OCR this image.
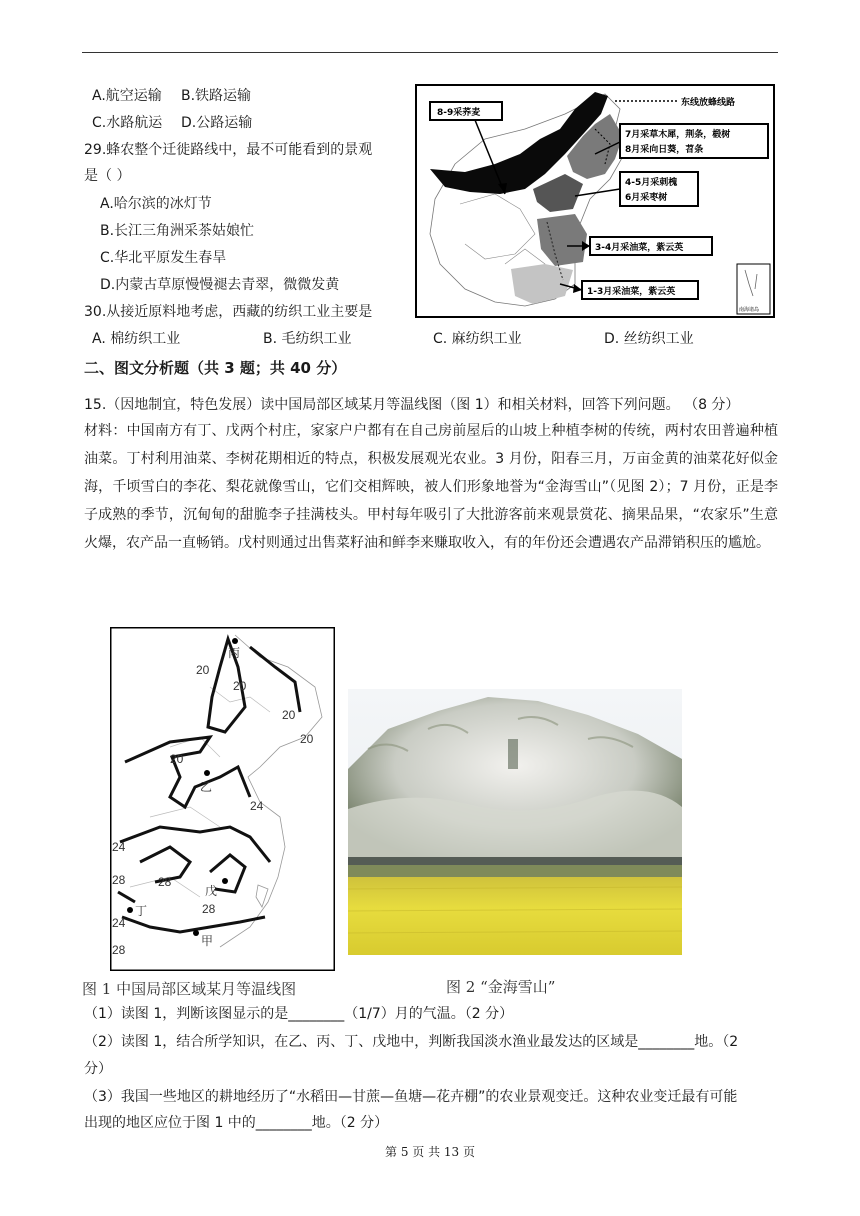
A.航空运输 B.铁路运输
C.水路航运 D.公路运输
29.蜂农整个迁徙路线中，最不可能看到的景观
是（ ）
A.哈尔滨的冰灯节
B.长江三角洲采茶姑娘忙
C.华北平原发生春旱
D.内蒙古草原慢慢褪去青翠，微微发黄
30.从接近原料地考虑，西藏的纺织工业主要是
A. 棉纺织工业	B. 毛纺织工业	C. 麻纺织工业	D. 丝纺织工业
东线放蜂线路
8-9采荞麦
7月采草木犀，荆条，椴树
8月采向日葵，苕条
4-5月采刺槐
6月采枣树
3-4月采油菜，紫云英
1-3月采油菜，紫云英
南海诸岛
二、图文分析题（共 3 题；共 40 分）
15.（因地制宜，特色发展）读中国局部区域某月等温线图（图 1）和相关材料，回答下列问题。 （8 分）
材料：中国南方有丁、戊两个村庄，家家户户都有在自己房前屋后的山坡上种植李树的传统，两村农田普遍种植油菜。丁村利用油菜、李树花期相近的特点，积极发展观光农业。3 月份，阳春三月，万亩金黄的油菜花好似金海，千顷雪白的李花、梨花就像雪山，它们交相辉映，被人们形象地誉为“金海雪山”（见图 2）；7 月份，正是李子成熟的季节，沉甸甸的甜脆李子挂满枝头。甲村每年吸引了大批游客前来观景赏花、摘果品果，“农家乐”生意火爆，农产品一直畅销。戊村则通过出售菜籽油和鲜李来赚取收入，有的年份还会遭遇农产品滞销积压的尴尬。
20
20
20
20
20
24
24
28	28
28
24
28
丙
乙
戊
丁
甲
图 1 中国局部区域某月等温线图	图 2 “金海雪山”
（1）读图 1，判断该图显示的是________（1/7）月的气温。（2 分）
（2）读图 1，结合所学知识，在乙、丙、丁、戊地中，判断我国淡水渔业最发达的区域是________地。（2
分）
（3）我国一些地区的耕地经历了“水稻田—甘蔗—鱼塘—花卉棚”的农业景观变迁。这种农业变迁最有可能
出现的地区应位于图 1 中的________地。（2 分）
第 5 页 共 13 页
